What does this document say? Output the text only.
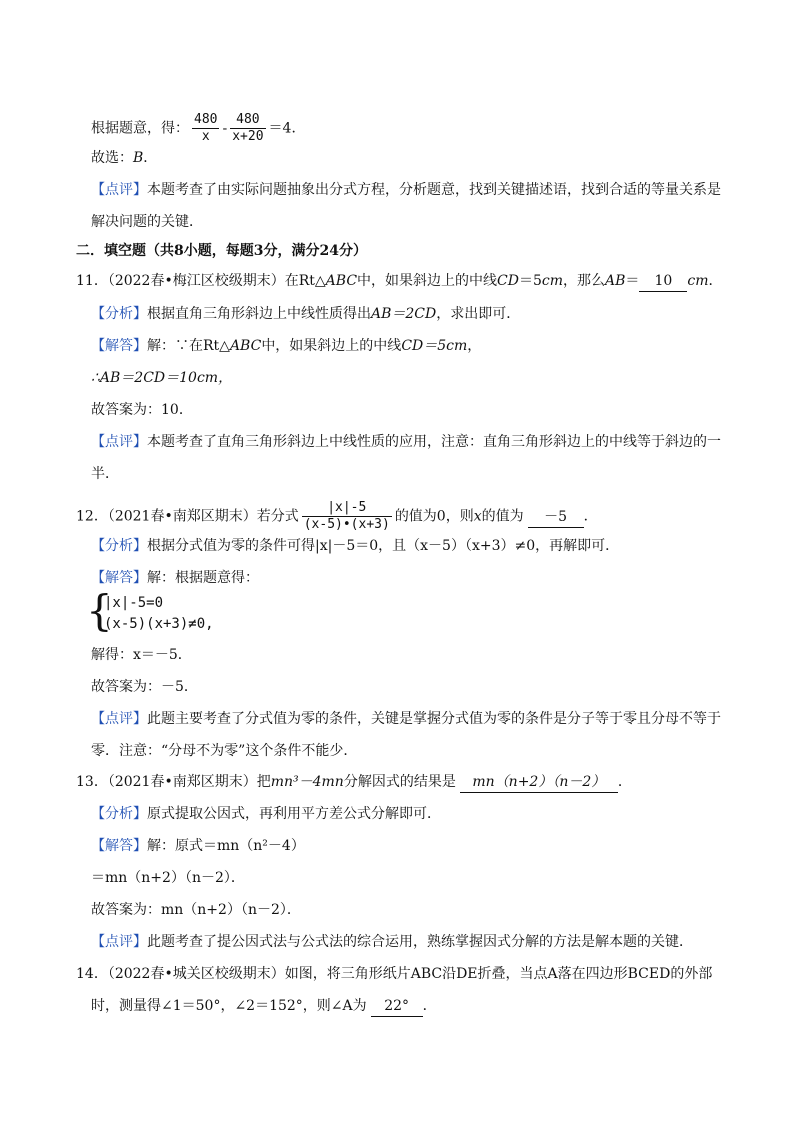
根据题意，得： $\frac{480}{x} - \frac{480}{x+20} =4$．
故选：B．
【点评】本题考查了由实际问题抽象出分式方程，分析题意，找到关键描述语，找到合适的等量关系是
解决问题的关键．
二．填空题（共8小题，每题3分，满分24分）
11．（2022春•梅江区校级期末）在Rt△ABC中，如果斜边上的中线CD＝5cm，那么AB＝ 10 cm．
【分析】根据直角三角形斜边上中线性质得出AB＝2CD，求出即可．
【解答】解：∵在Rt△ABC中，如果斜边上的中线CD＝5cm，
∴AB＝2CD＝10cm，
故答案为：10．
【点评】本题考查了直角三角形斜边上中线性质的应用，注意：直角三角形斜边上的中线等于斜边的一
半．
12．（2021春•南郑区期末）若分式 $\frac{|x|-5}{(x-5)•(x+3)}$ 的值为0，则x的值为 －5 ．
【分析】根据分式值为零的条件可得|x|－5＝0，且（x－5）（x+3）≠0，再解即可．
【解答】解：根据题意得：
{
|x|-5=0
(x-5)(x+3)≠0,
解得：x＝－5．
故答案为：－5．
【点评】此题主要考查了分式值为零的条件，关键是掌握分式值为零的条件是分子等于零且分母不等于
零．注意：“分母不为零”这个条件不能少．
13．（2021春•南郑区期末）把mn³－4mn分解因式的结果是 mn（n+2）（n－2） ．
【分析】原式提取公因式，再利用平方差公式分解即可．
【解答】解：原式＝mn（n²－4）
＝mn（n+2）（n－2）．
故答案为：mn（n+2）（n－2）．
【点评】此题考查了提公因式法与公式法的综合运用，熟练掌握因式分解的方法是解本题的关键．
14．（2022春•城关区校级期末）如图，将三角形纸片ABC沿DE折叠，当点A落在四边形BCED的外部
时，测量得∠1＝50°，∠2＝152°，则∠A为 22° ．
